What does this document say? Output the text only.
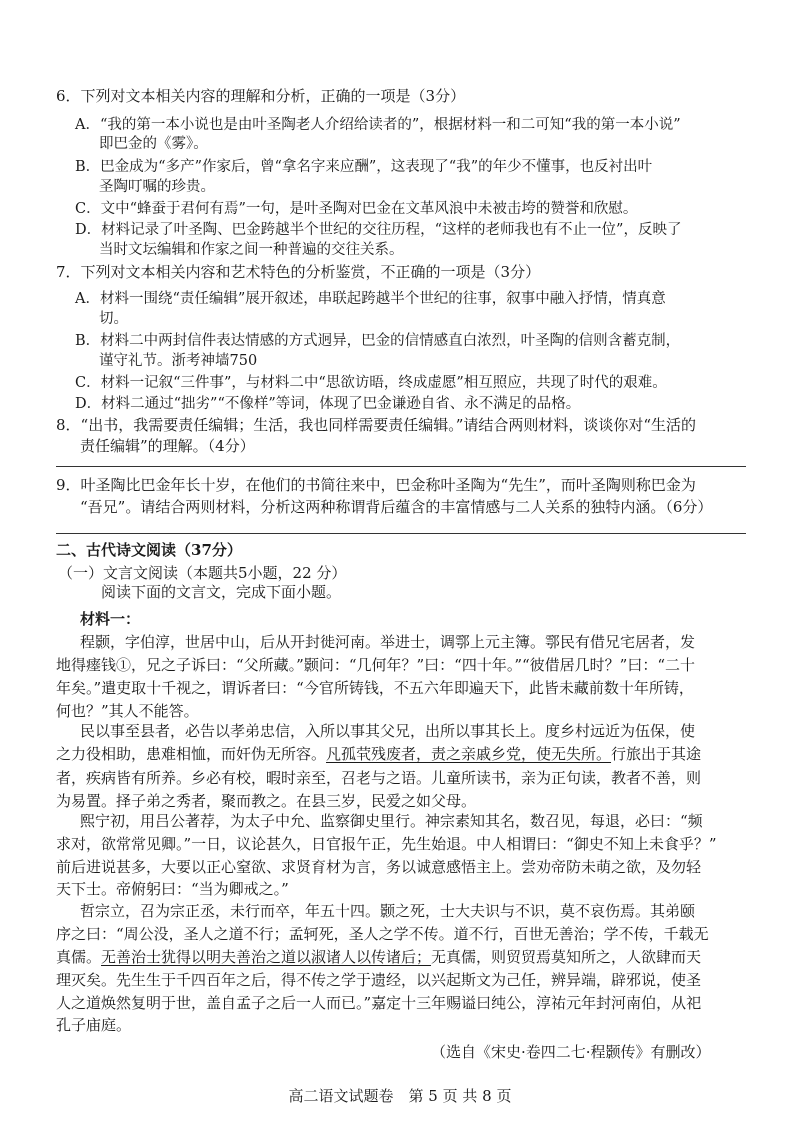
6．下列对文本相关内容的理解和分析，正确的一项是（3分）
A．“我的第一本小说也是由叶圣陶老人介绍给读者的”，根据材料一和二可知“我的第一本小说”
即巴金的《雾》。
B．巴金成为“多产”作家后，曾“拿名字来应酬”，这表现了“我”的年少不懂事，也反衬出叶
圣陶叮嘱的珍贵。
C．文中“蜂蚕于君何有焉”一句，是叶圣陶对巴金在文革风浪中未被击垮的赞誉和欣慰。
D．材料记录了叶圣陶、巴金跨越半个世纪的交往历程，“这样的老师我也有不止一位”，反映了
当时文坛编辑和作家之间一种普遍的交往关系。
7．下列对文本相关内容和艺术特色的分析鉴赏，不正确的一项是（3分）
A．材料一围绕“责任编辑”展开叙述，串联起跨越半个世纪的往事，叙事中融入抒情，情真意
切。
B．材料二中两封信件表达情感的方式迥异，巴金的信情感直白浓烈，叶圣陶的信则含蓄克制，
谨守礼节。浙考神墙750
C．材料一记叙“三件事”，与材料二中“思欲访晤，终成虚愿”相互照应，共现了时代的艰难。
D．材料二通过“拙劣”“不像样”等词，体现了巴金谦逊自省、永不满足的品格。
8．“出书，我需要责任编辑；生活，我也同样需要责任编辑。”请结合两则材料，谈谈你对“生活的
责任编辑”的理解。（4分）
9．叶圣陶比巴金年长十岁，在他们的书简往来中，巴金称叶圣陶为“先生”，而叶圣陶则称巴金为
“吾兄”。请结合两则材料，分析这两种称谓背后蕴含的丰富情感与二人关系的独特内涵。（6分）
二、古代诗文阅读（37分）
（一）文言文阅读（本题共5小题，22 分）
阅读下面的文言文，完成下面小题。
材料一：
程颢，字伯淳，世居中山，后从开封徙河南。举进士，调鄠上元主簿。鄠民有借兄宅居者，发
地得瘗钱①，兄之子诉曰：“父所藏。”颢问：“几何年？”曰：“四十年。”“彼借居几时？”曰：“二十
年矣。”遣吏取十千视之，谓诉者曰：“今官所铸钱，不五六年即遍天下，此皆未藏前数十年所铸，
何也？”其人不能答。
民以事至县者，必告以孝弟忠信，入所以事其父兄，出所以事其长上。度乡村远近为伍保，使
之力役相助，患难相恤，而奸伪无所容。凡孤茕残废者，责之亲戚乡党，使无失所。行旅出于其途
者，疾病皆有所养。乡必有校，暇时亲至，召老与之语。儿童所读书，亲为正句读，教者不善，则
为易置。择子弟之秀者，聚而教之。在县三岁，民爱之如父母。
熙宁初，用吕公著荐，为太子中允、监察御史里行。神宗素知其名，数召见，每退，必曰：“频
求对，欲常常见卿。”一日，议论甚久，日官报午正，先生始退。中人相谓曰：“御史不知上未食乎？”
前后进说甚多，大要以正心窒欲、求贤育材为言，务以诚意感悟主上。尝劝帝防未萌之欲，及勿轻
天下士。帝俯躬曰：“当为卿戒之。”
哲宗立，召为宗正丞，未行而卒，年五十四。颢之死，士大夫识与不识，莫不哀伤焉。其弟颐
序之曰：“周公没，圣人之道不行；孟轲死，圣人之学不传。道不行，百世无善治；学不传，千载无
真儒。无善治士犹得以明夫善治之道以淑诸人以传诸后；无真儒，则贸贸焉莫知所之，人欲肆而天
理灭矣。先生生于千四百年之后，得不传之学于遗经，以兴起斯文为己任，辨异端，辟邪说，使圣
人之道焕然复明于世，盖自孟子之后一人而已。”嘉定十三年赐谥曰纯公，淳祐元年封河南伯，从祀
孔子庙庭。
（选自《宋史·卷四二七·程颢传》有删改）
高二语文试题卷　第 5 页 共 8 页
